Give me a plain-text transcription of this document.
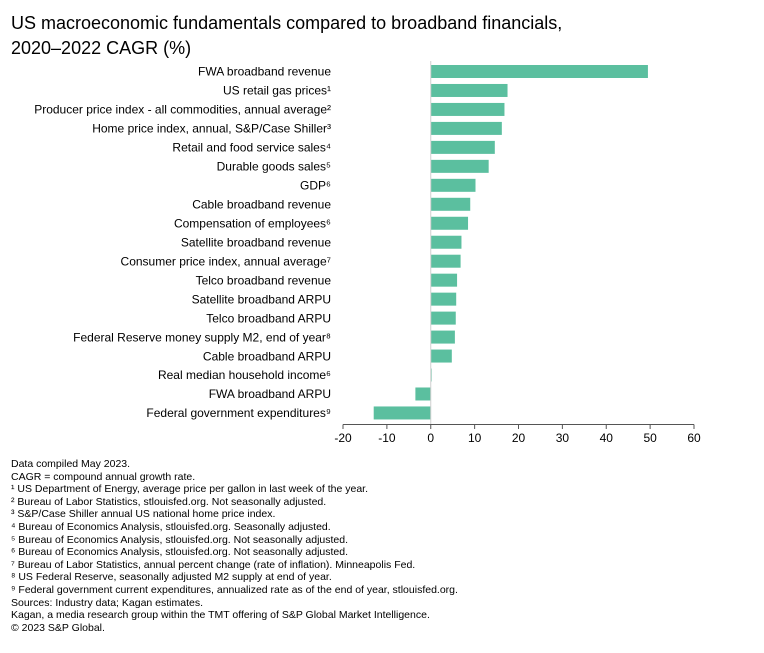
US macroeconomic fundamentals compared to broadband financials,
2020–2022 CAGR (%)
FWA broadband revenue
US retail gas prices¹
Producer price index - all commodities, annual average²
Home price index, annual, S&P/Case Shiller³
Retail and food service sales⁴
Durable goods sales⁵
GDP⁶
Cable broadband revenue
Compensation of employees⁶
Satellite broadband revenue
Consumer price index, annual average⁷
Telco broadband revenue
Satellite broadband ARPU
Telco broadband ARPU
Federal Reserve money supply M2, end of year⁸
Cable broadband ARPU
Real median household income⁶
FWA broadband ARPU
Federal government expenditures⁹
-20 -10	0	10	20	30	40	50	60
Data compiled May 2023.
CAGR = compound annual growth rate.
¹ US Department of Energy, average price per gallon in last week of the year.
² Bureau of Labor Statistics, stlouisfed.org. Not seasonally adjusted.
³ S&P/Case Shiller annual US national home price index.
⁴ Bureau of Economics Analysis, stlouisfed.org. Seasonally adjusted.
⁵ Bureau of Economics Analysis, stlouisfed.org. Not seasonally adjusted.
⁶ Bureau of Economics Analysis, stlouisfed.org. Not seasonally adjusted.
⁷ Bureau of Labor Statistics, annual percent change (rate of inflation). Minneapolis Fed.
⁸ US Federal Reserve, seasonally adjusted M2 supply at end of year.
⁹ Federal government current expenditures, annualized rate as of the end of year, stlouisfed.org.
Sources: Industry data; Kagan estimates.
Kagan, a media research group within the TMT offering of S&P Global Market Intelligence.
© 2023 S&P Global.
